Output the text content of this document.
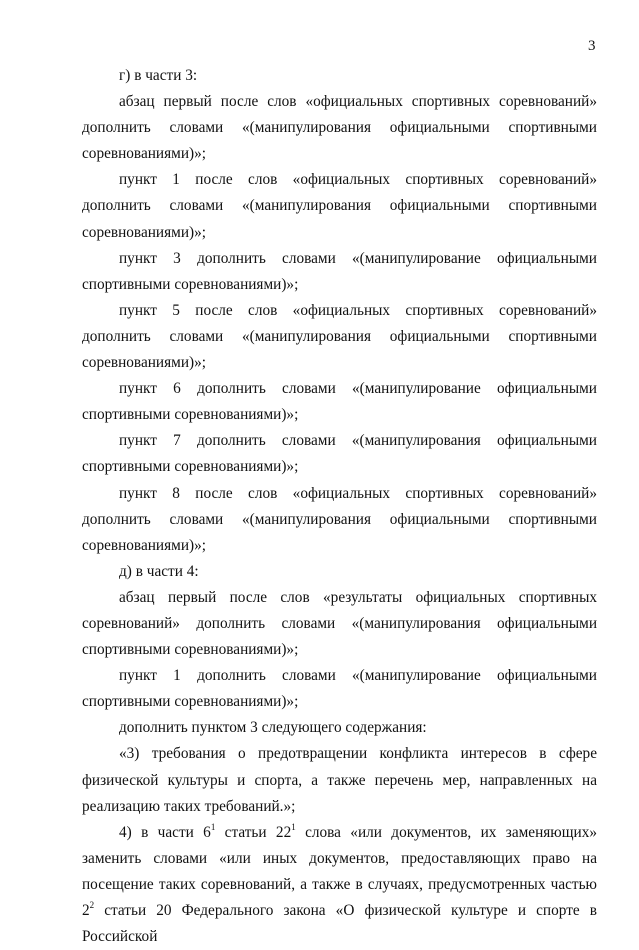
3

г) в части 3:

абзац первый после слов «официальных спортивных соревнований» дополнить словами «(манипулирования официальными спортивными соревнованиями)»;

пункт 1 после слов «официальных спортивных соревнований» дополнить словами «(манипулирования официальными спортивными соревнованиями)»;

пункт 3 дополнить словами «(манипулирование официальными спортивными соревнованиями)»;

пункт 5 после слов «официальных спортивных соревнований» дополнить словами «(манипулирования официальными спортивными соревнованиями)»;

пункт 6 дополнить словами «(манипулирование официальными спортивными соревнованиями)»;

пункт 7 дополнить словами «(манипулирования официальными спортивными соревнованиями)»;

пункт 8 после слов «официальных спортивных соревнований» дополнить словами «(манипулирования официальными спортивными соревнованиями)»;

д) в части 4:

абзац первый после слов «результаты официальных спортивных соревнований» дополнить словами «(манипулирования официальными спортивными соревнованиями)»;

пункт 1 дополнить словами «(манипулирование официальными спортивными соревнованиями)»;

дополнить пунктом 3 следующего содержания:

«3) требования о предотвращении конфликта интересов в сфере физической культуры и спорта, а также перечень мер, направленных на реализацию таких требований.»;

4) в части $6^1$ статьи $22^1$ слова «или документов, их заменяющих» заменить словами «или иных документов, предоставляющих право на посещение таких соревнований, а также в случаях, предусмотренных частью $2^2$ статьи 20 Федерального закона «О физической культуре и спорте в Российской
